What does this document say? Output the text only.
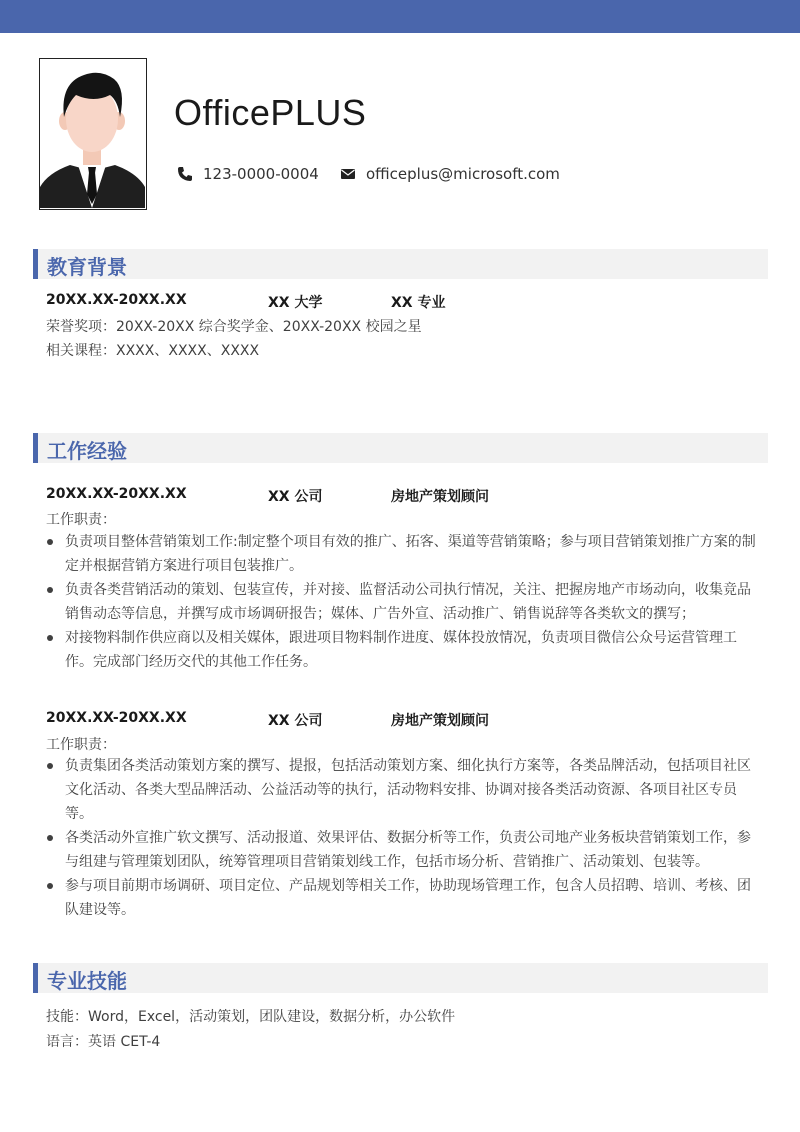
OfficePLUS
123-0000-0004	officeplus@microsoft.com
教育背景
20XX.XX-20XX.XX	XX 大学	XX 专业
荣誉奖项：20XX-20XX 综合奖学金、20XX-20XX 校园之星
相关课程：XXXX、XXXX、XXXX
工作经验
20XX.XX-20XX.XX	XX 公司	房地产策划顾问
工作职责：
负责项目整体营销策划工作:制定整个项目有效的推广、拓客、渠道等营销策略；参与项目营销策划推广方案的制定并根据营销方案进行项目包装推广。
负责各类营销活动的策划、包装宣传，并对接、监督活动公司执行情况，关注、把握房地产市场动向，收集竞品销售动态等信息，并撰写成市场调研报告；媒体、广告外宣、活动推广、销售说辞等各类软文的撰写；
对接物料制作供应商以及相关媒体，跟进项目物料制作进度、媒体投放情况，负责项目微信公众号运营管理工作。完成部门经历交代的其他工作任务。
20XX.XX-20XX.XX	XX 公司	房地产策划顾问
工作职责：
负责集团各类活动策划方案的撰写、提报，包括活动策划方案、细化执行方案等，各类品牌活动，包括项目社区文化活动、各类大型品牌活动、公益活动等的执行，活动物料安排、协调对接各类活动资源、各项目社区专员等。
各类活动外宣推广软文撰写、活动报道、效果评估、数据分析等工作，负责公司地产业务板块营销策划工作，参与组建与管理策划团队，统筹管理项目营销策划线工作，包括市场分析、营销推广、活动策划、包装等。
参与项目前期市场调研、项目定位、产品规划等相关工作，协助现场管理工作，包含人员招聘、培训、考核、团队建设等。
专业技能
技能：Word，Excel，活动策划，团队建设，数据分析，办公软件
语言：英语 CET-4
